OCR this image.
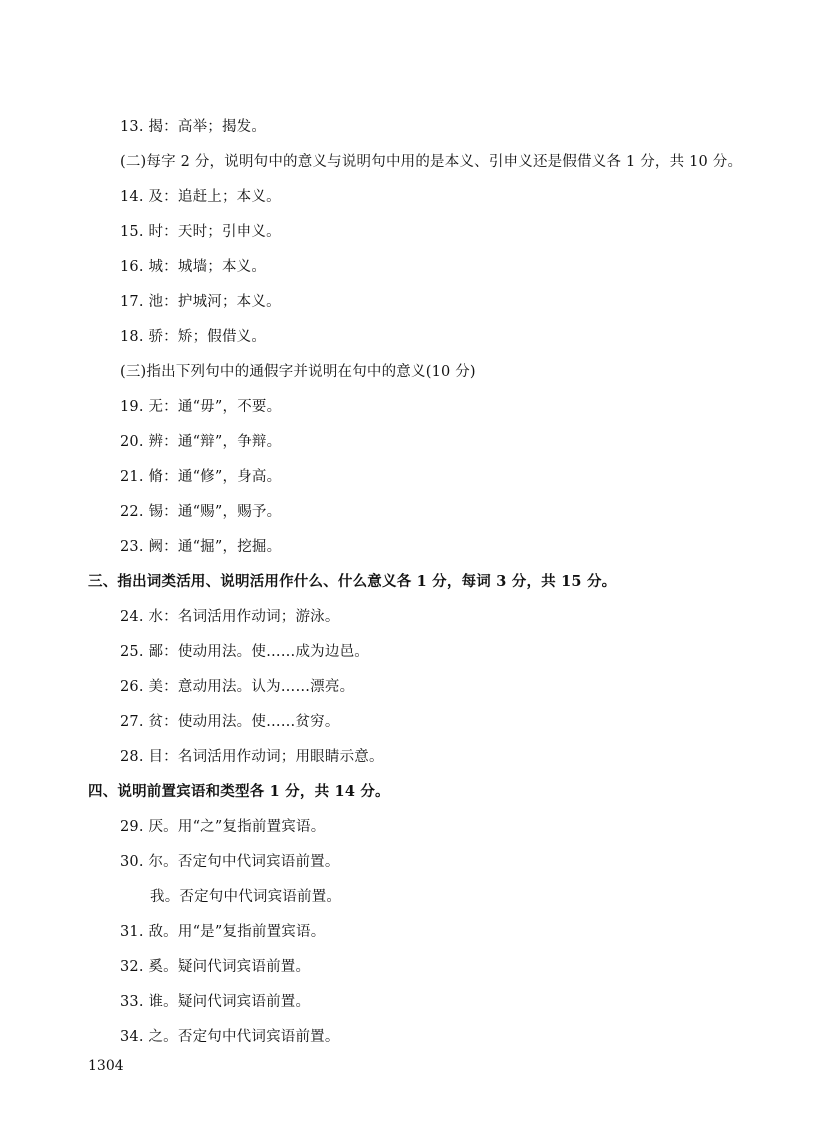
13. 揭：高举；揭发。
(二)每字 2 分，说明句中的意义与说明句中用的是本义、引申义还是假借义各 1 分，共 10 分。
14. 及：追赶上；本义。
15. 时：天时；引申义。
16. 城：城墙；本义。
17. 池：护城河；本义。
18. 骄：矫；假借义。
(三)指出下列句中的通假字并说明在句中的意义(10 分)
19. 无：通“毋”，不要。
20. 辨：通“辩”，争辩。
21. 脩：通“修”，身高。
22. 锡：通“赐”，赐予。
23. 阙：通“掘”，挖掘。
三、指出词类活用、说明活用作什么、什么意义各 1 分，每词 3 分，共 15 分。
24. 水：名词活用作动词；游泳。
25. 鄙：使动用法。使……成为边邑。
26. 美：意动用法。认为……漂亮。
27. 贫：使动用法。使……贫穷。
28. 目：名词活用作动词；用眼睛示意。
四、说明前置宾语和类型各 1 分，共 14 分。
29. 厌。用“之”复指前置宾语。
30. 尔。否定句中代词宾语前置。
我。否定句中代词宾语前置。
31. 敌。用“是”复指前置宾语。
32. 奚。疑问代词宾语前置。
33. 谁。疑问代词宾语前置。
34. 之。否定句中代词宾语前置。
1304
